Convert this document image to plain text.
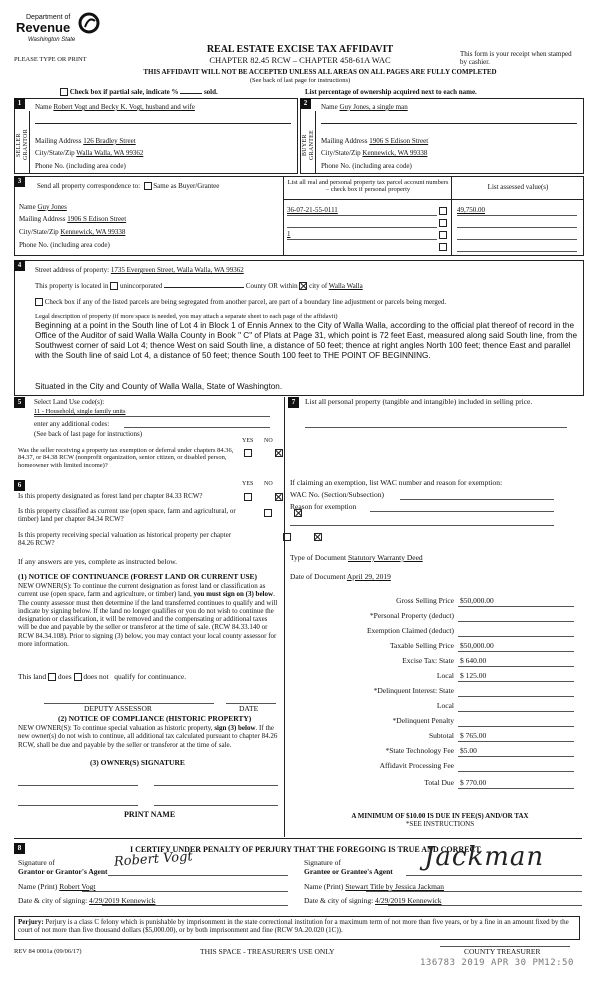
Department of
Revenue
Washington State
PLEASE TYPE OR PRINT
REAL ESTATE EXCISE TAX AFFIDAVIT
CHAPTER 82.45 RCW – CHAPTER 458-61A WAC
This form is your receipt when stamped by cashier.
THIS AFFIDAVIT WILL NOT BE ACCEPTED UNLESS ALL AREAS ON ALL PAGES ARE FULLY COMPLETED
(See back of last page for instructions)
Check box if partial sale, indicate %	sold.	List percentage of ownership acquired next to each name.
1
SELLER GRANTOR
Name Robert Vogt and Becky K. Vogt, husband and wife
Mailing Address 126 Bradley Street
City/State/Zip Walla Walla, WA 99362
Phone No. (including area code)
2
BUYER GRANTEE
Name Guy Jones, a single man
Mailing Address 1906 S Edison Street
City/State/Zip Kennewick, WA 99338
Phone No. (including area code)
3
Send all property correspondence to: Same as Buyer/Grantee	List all real and personal property tax parcel account numbers – check box if personal property	List assessed value(s)
Name Guy Jones
Mailing Address 1906 S Edison Street
City/State/Zip Kennewick, WA 99338
Phone No. (including area code)
36-07-21-55-0111
1
49,750.00
4
Street address of property: 1735 Evergreen Street, Walla Walla, WA 99362
This property is located in unincorporated	County OR within city of Walla Walla
Check box if any of the listed parcels are being segregated from another parcel, are part of a boundary line adjustment or parcels being merged.
Legal description of property (if more space is needed, you may attach a separate sheet to each page of the affidavit)
Beginning at a point in the South line of Lot 4 in Block 1 of Ennis Annex to the City of Walla Walla, according to the official plat thereof of record in the Office of the Auditor of said Walla Walla County in Book " C" of Plats at Page 31, which point is 72 feet East, measured along said South line, from the Southwest corner of said Lot 4; thence West on said South line, a distance of 50 feet; thence at right angles North 100 feet; thence East and parallel with the South line of said Lot 4, a distance of 50 feet; thence South 100 feet to THE POINT OF BEGINNING.
Situated in the City and County of Walla Walla, State of Washington.
5	Select Land Use code(s):
11 - Household, single family units
enter any additional codes:
(See back of last page for instructions)
YES NO
Was the seller receiving a property tax exemption or deferral under chapters 84.36, 84.37, or 84.38 RCW (nonprofit organization, senior citizen, or disabled person, homeowner with limited income)?

6	YES NO
Is this property designated as forest land per chapter 84.33 RCW?

Is this property classified as current use (open space, farm and agricultural, or timber) land per chapter 84.34 RCW?

Is this property receiving special valuation as historical property per chapter 84.26 RCW?

If any answers are yes, complete as instructed below.
(1) NOTICE OF CONTINUANCE (FOREST LAND OR CURRENT USE)
NEW OWNER(S): To continue the current designation as forest land or classification as current use (open space, farm and agriculture, or timber) land, you must sign on (3) below. The county assessor must then determine if the land transferred continues to qualify and will indicate by signing below. If the land no longer qualifies or you do not wish to continue the designation or classification, it will be removed and the compensating or additional taxes will be due and payable by the seller or transferor at the time of sale. (RCW 84.33.140 or RCW 84.34.108). Prior to signing (3) below, you may contact your local county assessor for more information.
This land does does not qualify for continuance.
DEPUTY ASSESSOR	DATE
(2) NOTICE OF COMPLIANCE (HISTORIC PROPERTY)
NEW OWNER(S): To continue special valuation as historic property, sign (3) below. If the new owner(s) do not wish to continue, all additional tax calculated pursuant to chapter 84.26 RCW, shall be due and payable by the seller or transferor at the time of sale.
(3) OWNER(S) SIGNATURE
PRINT NAME
7	List all personal property (tangible and intangible) included in selling price.
If claiming an exemption, list WAC number and reason for exemption:
WAC No. (Section/Subsection)
Reason for exemption
Type of Document Statutory Warranty Deed
Date of Document April 29, 2019
Gross Selling Price $50,000.00
*Personal Property (deduct)
Exemption Claimed (deduct)
Taxable Selling Price $50,000.00
Excise Tax: State $ 640.00
Local $ 125.00
*Delinquent Interest: State
Local
*Delinquent Penalty
Subtotal $ 765.00
*State Technology Fee $5.00
Affidavit Processing Fee
Total Due $ 770.00
A MINIMUM OF $10.00 IS DUE IN FEE(S) AND/OR TAX
*SEE INSTRUCTIONS
8	I CERTIFY UNDER PENALTY OF PERJURY THAT THE FOREGOING IS TRUE AND CORRECT.
Signature of
Grantor or Grantor's Agent
Robert Vogt
Name (Print) Robert Vogt
Date & city of signing: 4/29/2019 Kennewick
Signature of
Grantee or Grantee's Agent Jackman
Name (Print) Stewart Title by Jessica Jackman
Date & city of signing: 4/29/2019 Kennewick
Perjury: Perjury is a class C felony which is punishable by imprisonment in the state correctional institution for a maximum term of not more than five years, or by a fine in an amount fixed by the court of not more than five thousand dollars ($5,000.00), or by both imprisonment and fine (RCW 9A.20.020 (1C)).
REV 84 0001a (09/06/17)	THIS SPACE - TREASURER'S USE ONLY	COUNTY TREASURER
136783 2019 APR 30 PM12:50
